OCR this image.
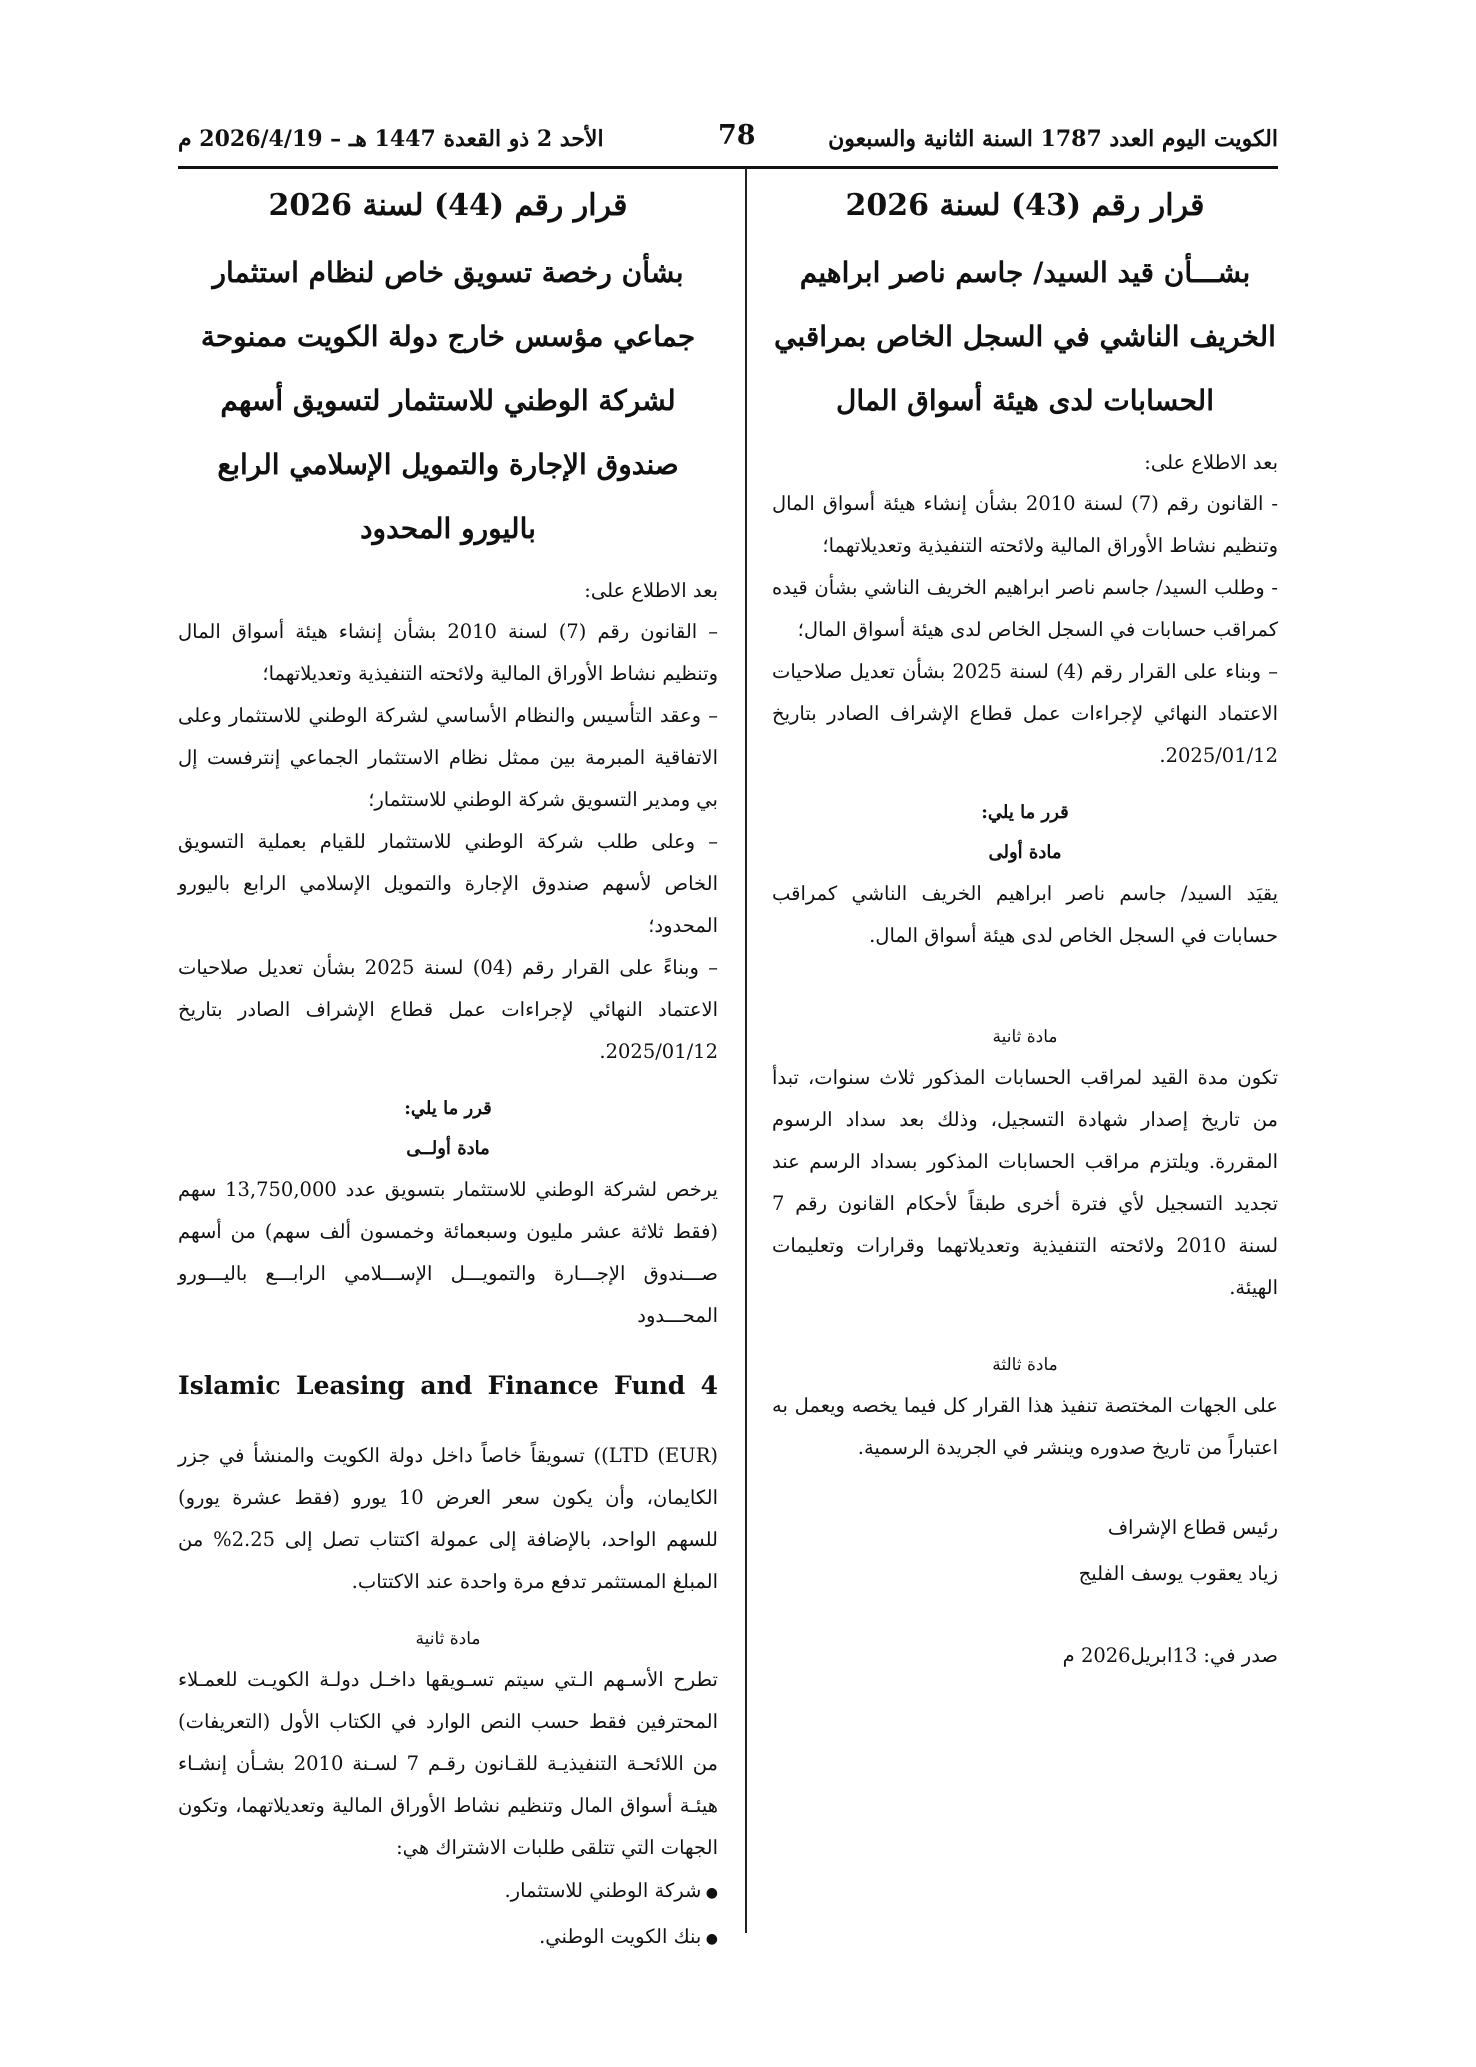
الكويت اليوم العدد 1787 السنة الثانية والسبعون
78
الأحد 2 ذو القعدة 1447 هـ – 2026/4/19 م

قرار رقم (43) لسنة 2026

بشـــأن قيد السيد/ جاسم ناصر ابراهيم الخريف الناشي في السجل الخاص بمراقبي الحسابات لدى هيئة أسواق المال

بعد الاطلاع على:

- القانون رقم (7) لسنة 2010 بشأن إنشاء هيئة أسواق المال وتنظيم نشاط الأوراق المالية ولائحته التنفيذية وتعديلاتهما؛

- وطلب السيد/ جاسم ناصر ابراهيم الخريف الناشي بشأن قيده كمراقب حسابات في السجل الخاص لدى هيئة أسواق المال؛

– وبناء على القرار رقم (4) لسنة 2025 بشأن تعديل صلاحيات الاعتماد النهائي لإجراءات عمل قطاع الإشراف الصادر بتاريخ 2025/01/12.

قرر ما يلي:

مادة أولى

يقيَد السيد/ جاسم ناصر ابراهيم الخريف الناشي كمراقب حسابات في السجل الخاص لدى هيئة أسواق المال.

مادة ثانية

تكون مدة القيد لمراقب الحسابات المذكور ثلاث سنوات، تبدأ من تاريخ إصدار شهادة التسجيل، وذلك بعد سداد الرسوم المقررة. ويلتزم مراقب الحسابات المذكور بسداد الرسم عند تجديد التسجيل لأي فترة أخرى طبقاً لأحكام القانون رقم 7 لسنة 2010 ولائحته التنفيذية وتعديلاتهما وقرارات وتعليمات الهيئة.

مادة ثالثة

على الجهات المختصة تنفيذ هذا القرار كل فيما يخصه ويعمل به اعتباراً من تاريخ صدوره وينشر في الجريدة الرسمية.

رئيس قطاع الإشراف

زياد يعقوب يوسف الفليج

صدر في: 13ابريل2026 م

قرار رقم (44) لسنة 2026

بشأن رخصة تسويق خاص لنظام استثمار جماعي مؤسس خارج دولة الكويت ممنوحة لشركة الوطني للاستثمار لتسويق أسهم صندوق الإجارة والتمويل الإسلامي الرابع باليورو المحدود

بعد الاطلاع على:

– القانون رقم (7) لسنة 2010 بشأن إنشاء هيئة أسواق المال وتنظيم نشاط الأوراق المالية ولائحته التنفيذية وتعديلاتهما؛

– وعقد التأسيس والنظام الأساسي لشركة الوطني للاستثمار وعلى الاتفاقية المبرمة بين ممثل نظام الاستثمار الجماعي إنترفست إل بي ومدير التسويق شركة الوطني للاستثمار؛

– وعلى طلب شركة الوطني للاستثمار للقيام بعملية التسويق الخاص لأسهم صندوق الإجارة والتمويل الإسلامي الرابع باليورو المحدود؛

– وبناءً على القرار رقم (04) لسنة 2025 بشأن تعديل صلاحيات الاعتماد النهائي لإجراءات عمل قطاع الإشراف الصادر بتاريخ 2025/01/12.

قرر ما يلي:

مادة أولــى

يرخص لشركة الوطني للاستثمار بتسويق عدد 13,750,000 سهم (فقط ثلاثة عشر مليون وسبعمائة وخمسون ألف سهم) من أسهم صـــندوق الإجـــارة والتمويـــل الإســـلامي الرابـــع باليـــورو المحـــدود

Islamic Leasing and Finance Fund 4

(EUR) LTD)) تسويقاً خاصاً داخل دولة الكويت والمنشأ في جزر الكايمان، وأن يكون سعر العرض 10 يورو (فقط عشرة يورو) للسهم الواحد، بالإضافة إلى عمولة اكتتاب تصل إلى 2.25% من المبلغ المستثمر تدفع مرة واحدة عند الاكتتاب.

مادة ثانية

تطرح الأسـهم الـتي سيتم تسـويقها داخـل دولـة الكويـت للعمـلاء المحترفين فقط حسب النص الوارد في الكتاب الأول (التعريفات) من اللائحـة التنفيذيـة للقـانون رقـم 7 لسـنة 2010 بشـأن إنشـاء هيئـة أسواق المال وتنظيم نشاط الأوراق المالية وتعديلاتهما، وتكون الجهات التي تتلقى طلبات الاشتراك هي:

● شركة الوطني للاستثمار.
● بنك الكويت الوطني.
